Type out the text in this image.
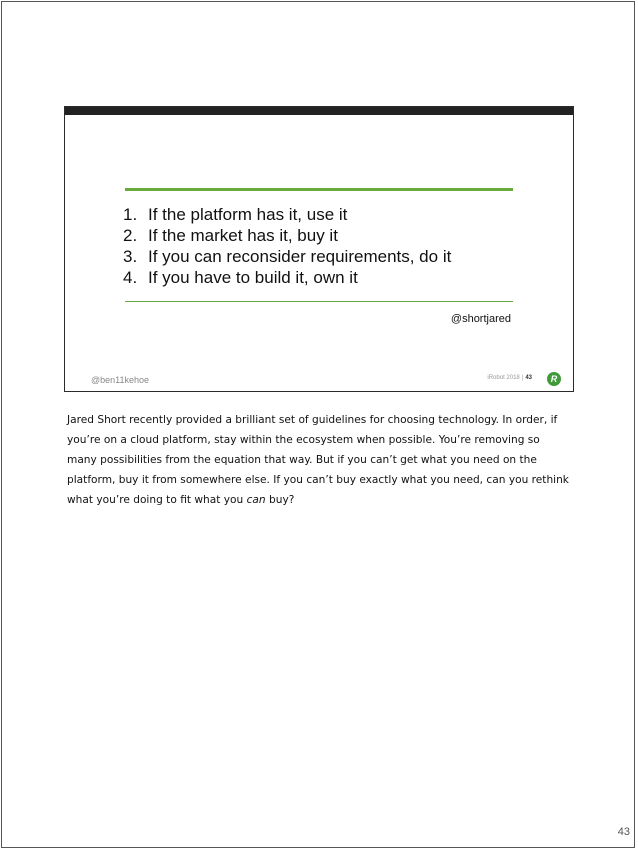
1. If the platform has it, use it
2. If the market has it, buy it
3. If you can reconsider requirements, do it
4. If you have to build it, own it
@shortjared
@ben11kehoe	iRobot 2018 | 43 R

Jared Short recently provided a brilliant set of guidelines for choosing technology. In order, if you’re on a cloud platform, stay within the ecosystem when possible. You’re removing so many possibilities from the equation that way. But if you can’t get what you need on the platform, buy it from somewhere else. If you can’t buy exactly what you need, can you rethink what you’re doing to fit what you can buy?

43
